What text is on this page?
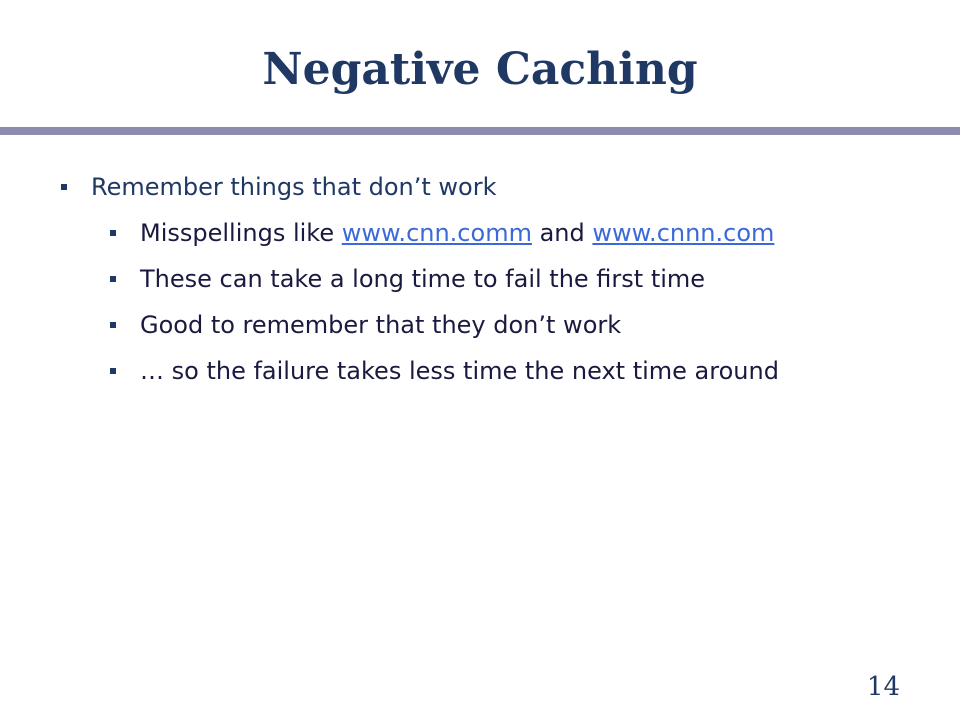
Negative Caching
Remember things that don’t work
Misspellings like www.cnn.comm and www.cnnn.com
These can take a long time to fail the first time
Good to remember that they don’t work
… so the failure takes less time the next time around
14
